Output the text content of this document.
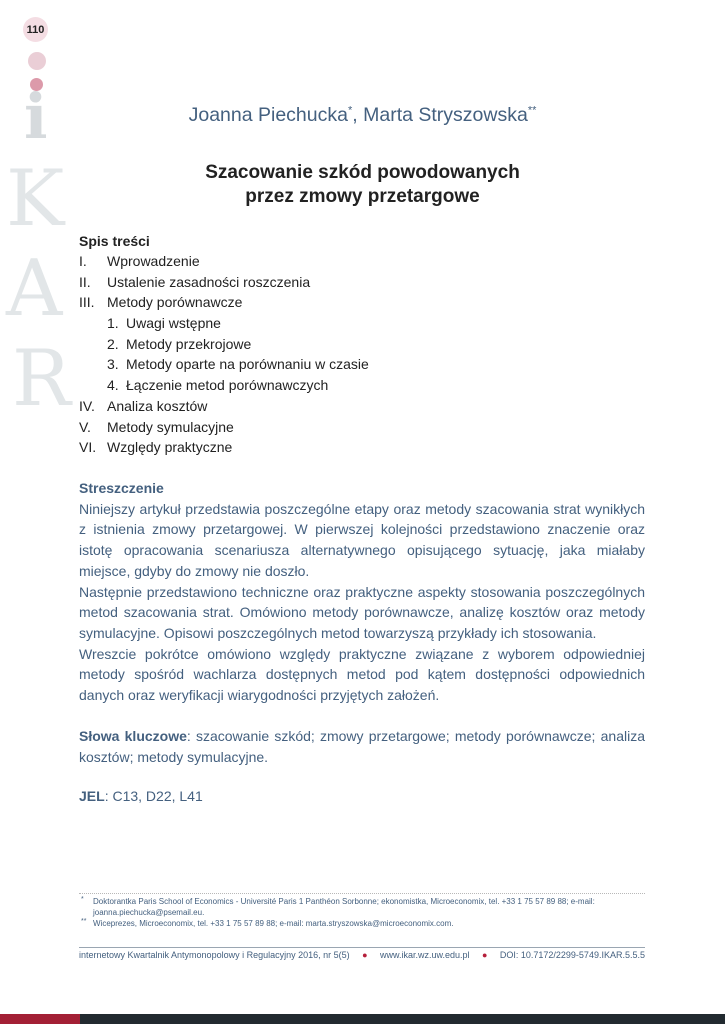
110
i
K
A
R
Joanna Piechucka*, Marta Stryszowska**
Szacowanie szkód powodowanych
przez zmowy przetargowe
Spis treści
I. Wprowadzenie
II. Ustalenie zasadności roszczenia
III. Metody porównawcze
1. Uwagi wstępne
2. Metody przekrojowe
3. Metody oparte na porównaniu w czasie
4. Łączenie metod porównawczych
IV. Analiza kosztów
V. Metody symulacyjne
VI. Względy praktyczne
Streszczenie

Niniejszy artykuł przedstawia poszczególne etapy oraz metody szacowania strat wynikłych z istnienia zmowy przetargowej. W pierwszej kolejności przedstawiono znaczenie oraz istotę opracowania scenariusza alternatywnego opisującego sytuację, jaka miałaby miejsce, gdyby do zmowy nie doszło.

Następnie przedstawiono techniczne oraz praktyczne aspekty stosowania poszczególnych metod szacowania strat. Omówiono metody porównawcze, analizę kosztów oraz metody symulacyjne. Opisowi poszczególnych metod towarzyszą przykłady ich stosowania.

Wreszcie pokrótce omówiono względy praktyczne związane z wyborem odpowiedniej metody spośród wachlarza dostępnych metod pod kątem dostępności odpowiednich danych oraz weryfikacji wiarygodności przyjętych założeń.

Słowa kluczowe: szacowanie szkód; zmowy przetargowe; metody porównawcze; analiza kosztów; metody symulacyjne.
JEL: C13, D22, L41
* Doktorantka Paris School of Economics - Université Paris 1 Panthéon Sorbonne; ekonomistka, Microeconomix, tel. +33 1 75 57 89 88; e-mail: joanna.piechucka@psemail.eu.
** Wiceprezes, Microeconomix, tel. +33 1 75 57 89 88; e-mail: marta.stryszowska@microeconomix.com.
internetowy Kwartalnik Antymonopolowy i Regulacyjny 2016, nr 5(5)	●	www.ikar.wz.uw.edu.pl	●	DOI: 10.7172/2299-5749.IKAR.5.5.5
